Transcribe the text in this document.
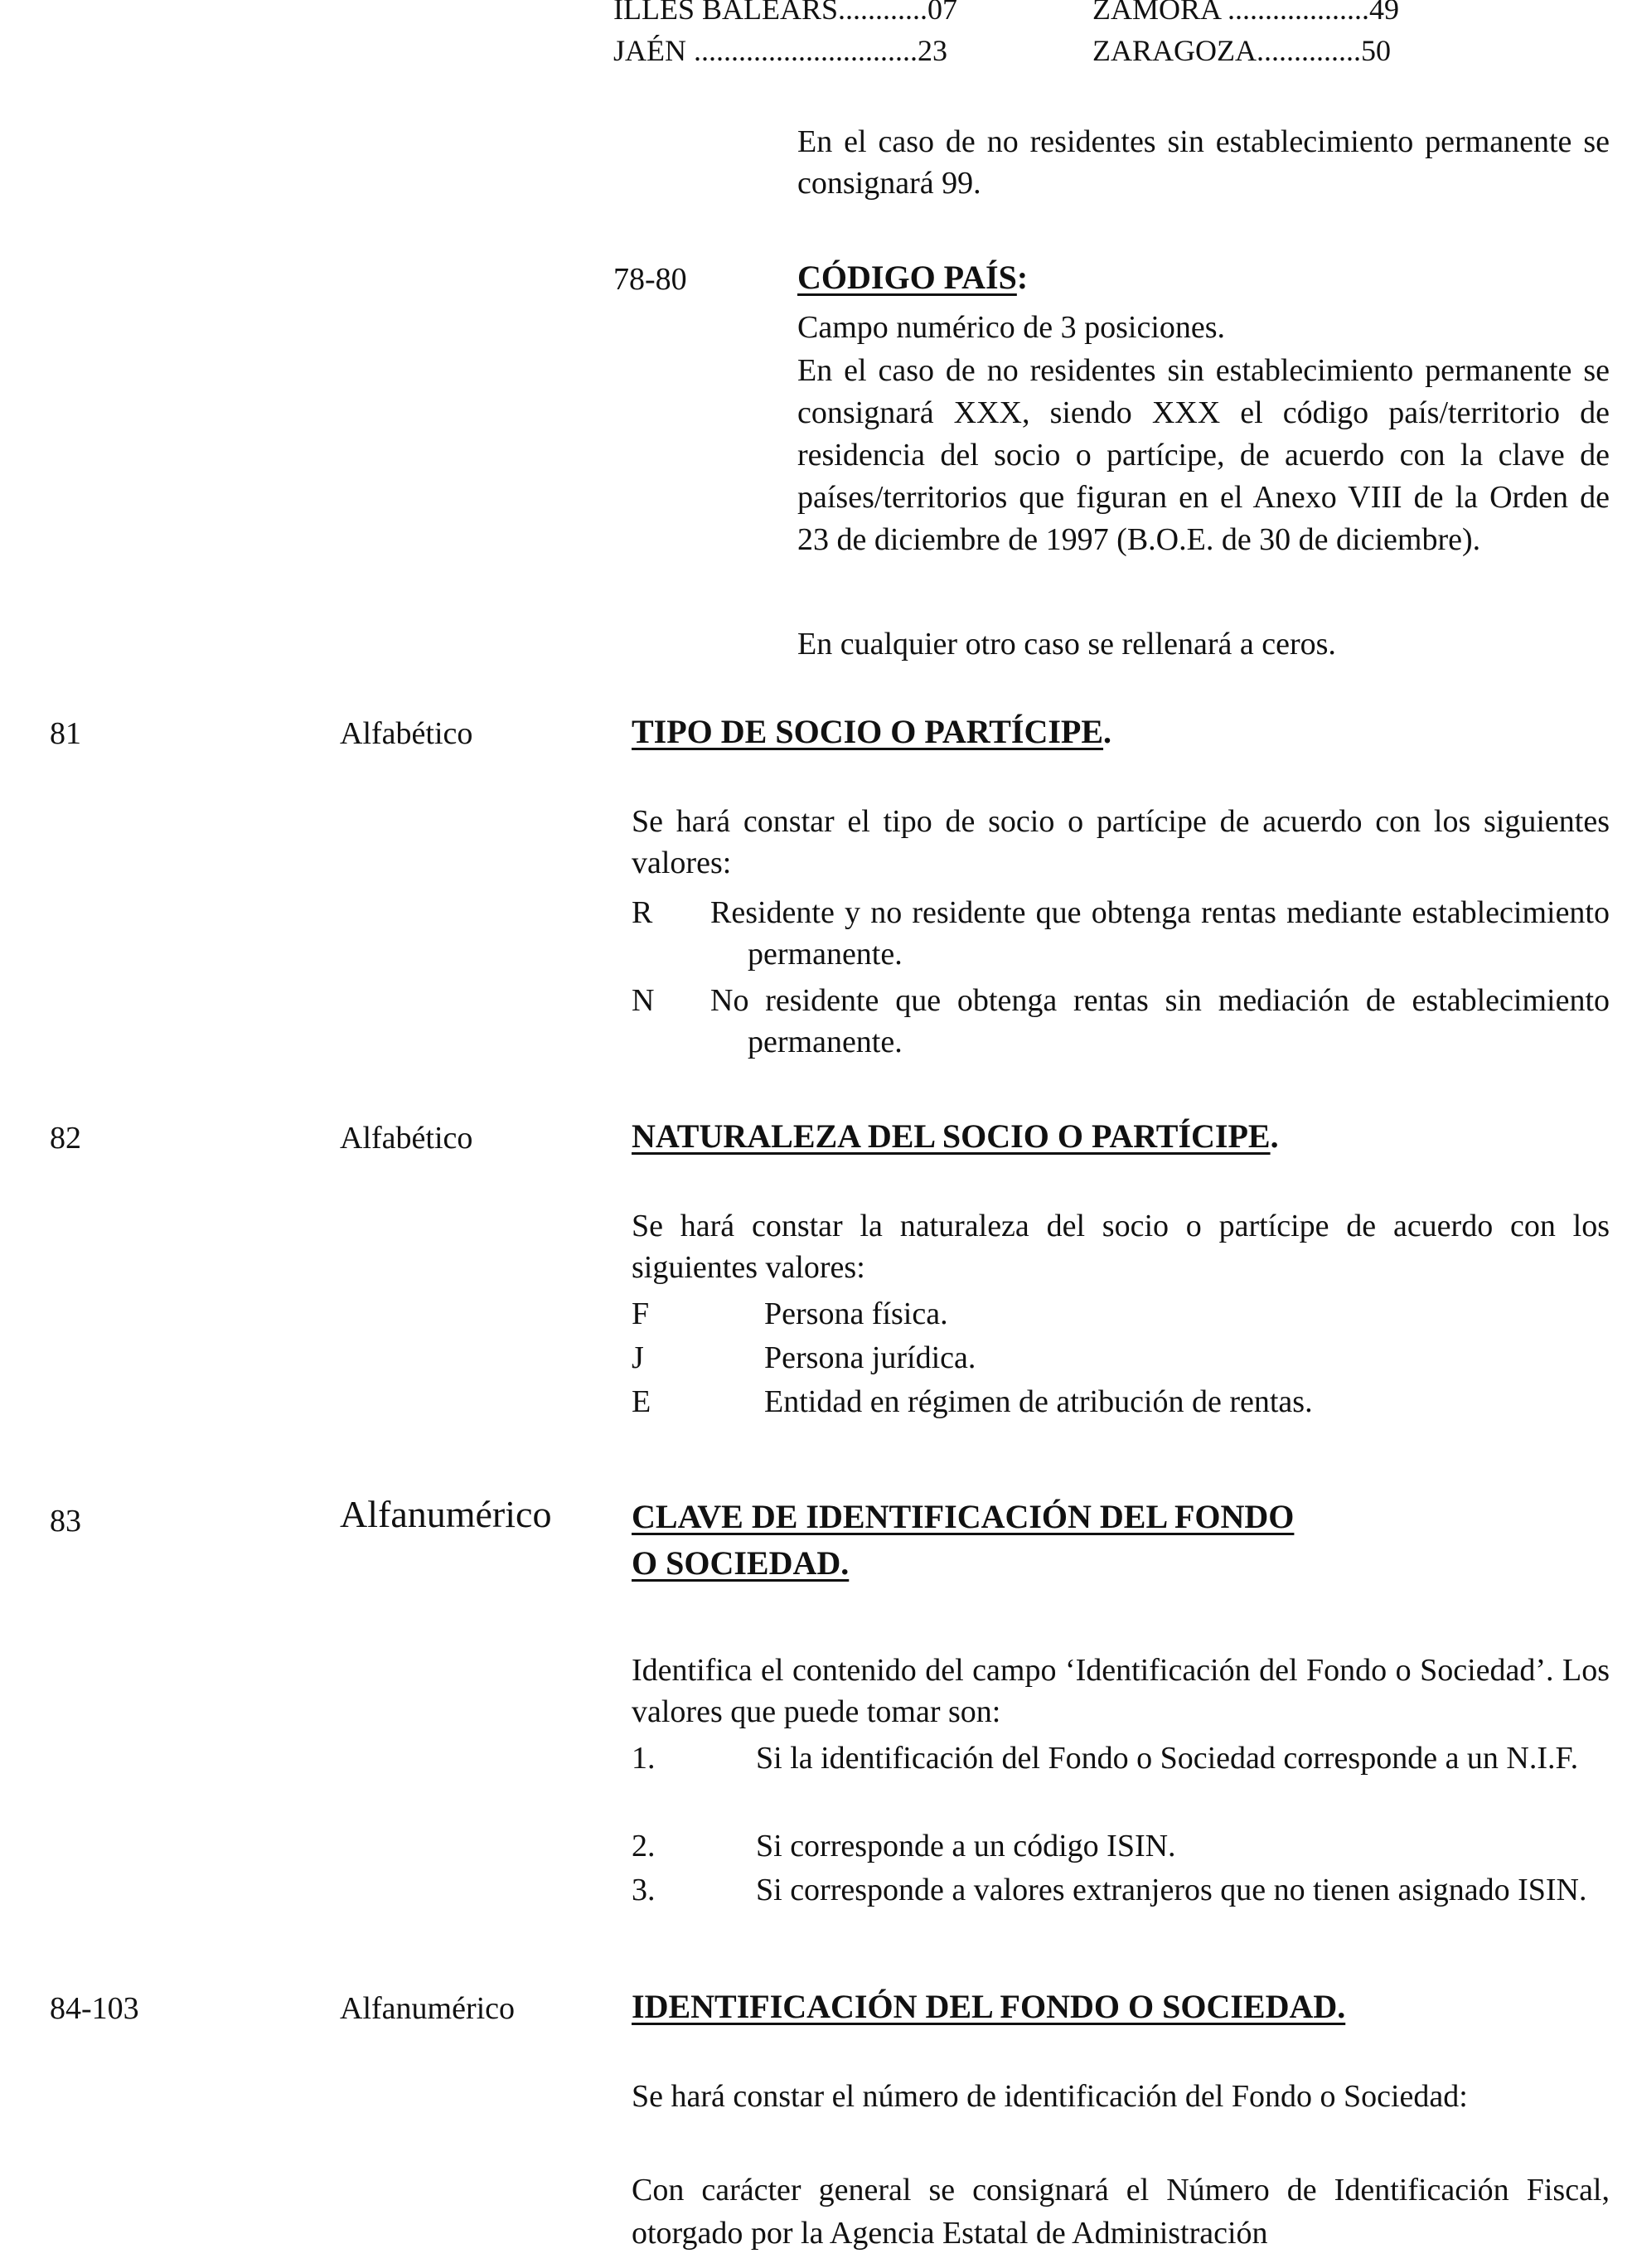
ILLES BALEARS............07	ZAMORA ...................49
JAÉN ..............................23	ZARAGOZA..............50
En el caso de no residentes sin establecimiento permanente se consignará 99.
78-80	CÓDIGO PAÍS:
Campo numérico de 3 posiciones.
En el caso de no residentes sin establecimiento permanente se consignará XXX, siendo XXX el código país/territorio de residencia del socio o partícipe, de acuerdo con la clave de países/territorios que figuran en el Anexo VIII de la Orden de 23 de diciembre de 1997 (B.O.E. de 30 de diciembre).
En cualquier otro caso se rellenará a ceros.
81	Alfabético	TIPO DE SOCIO O PARTÍCIPE.
Se hará constar el tipo de socio o partícipe de acuerdo con los siguientes valores:
R Residente y no residente que obtenga rentas mediante establecimiento permanente.
N No residente que obtenga rentas sin mediación de establecimiento permanente.
82	Alfabético	NATURALEZA DEL SOCIO O PARTÍCIPE.
Se hará constar la naturaleza del socio o partícipe de acuerdo con los siguientes valores:
F	Persona física.
J	Persona jurídica.
E	Entidad en régimen de atribución de rentas.
83	Alfanumérico CLAVE DE IDENTIFICACIÓN DEL FONDO
O SOCIEDAD.
Identifica el contenido del campo ‘Identificación del Fondo o Sociedad’. Los valores que puede tomar son:
1.	Si la identificación del Fondo o Sociedad corresponde a un N.I.F.
2.	Si corresponde a un código ISIN.
3.	Si corresponde a valores extranjeros que no tienen asignado ISIN.
84-103	Alfanumérico	IDENTIFICACIÓN DEL FONDO O SOCIEDAD.
Se hará constar el número de identificación del Fondo o Sociedad:
Con carácter general se consignará el Número de Identificación Fiscal, otorgado por la Agencia Estatal de Administración
